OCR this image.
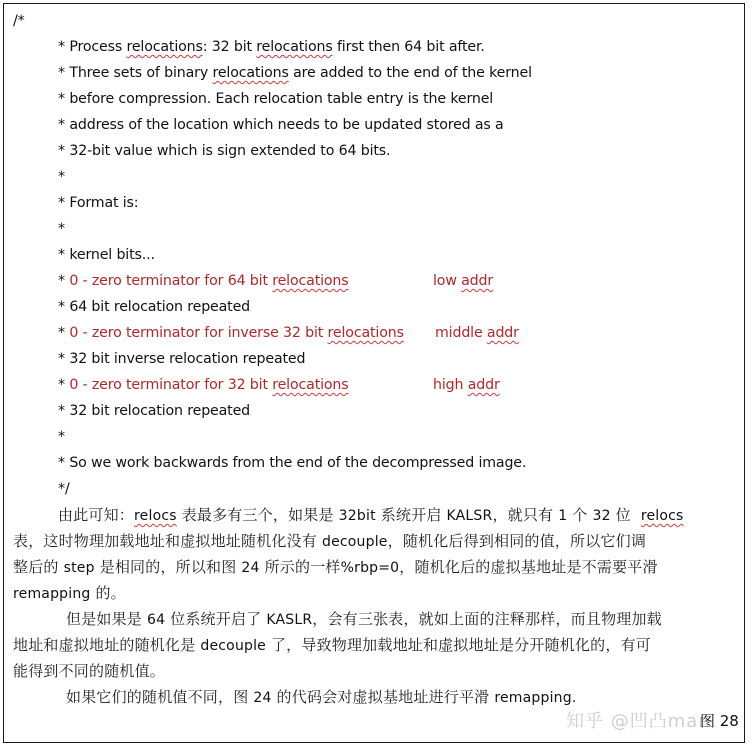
/*
* Process relocations: 32 bit relocations first then 64 bit after.
* Three sets of binary relocations are added to the end of the kernel
* before compression. Each relocation table entry is the kernel
* address of the location which needs to be updated stored as a
* 32-bit value which is sign extended to 64 bits.
*
* Format is:
*
* kernel bits...
* 0 - zero terminator for 64 bit relocations	low addr
* 64 bit relocation repeated
* 0 - zero terminator for inverse 32 bit relocations middle addr
* 32 bit inverse relocation repeated
* 0 - zero terminator for 32 bit relocations	high addr
* 32 bit relocation repeated
*
* So we work backwards from the end of the decompressed image.
*/
由此可知：relocs 表最多有三个，如果是 32bit 系统开启 KALSR，就只有 1 个 32 位  relocs
表，这时物理加载地址和虚拟地址随机化没有 decouple，随机化后得到相同的值，所以它们调
整后的 step 是相同的，所以和图 24 所示的一样%rbp=0，随机化后的虚拟基地址是不需要平滑
remapping 的。
但是如果是 64 位系统开启了 KASLR，会有三张表，就如上面的注释那样，而且物理加载
地址和虚拟地址的随机化是 decouple 了，导致物理加载地址和虚拟地址是分开随机化的，有可
能得到不同的随机值。
如果它们的随机值不同，图 24 的代码会对虚拟基地址进行平滑 remapping.
知乎 @凹凸man
图 28
